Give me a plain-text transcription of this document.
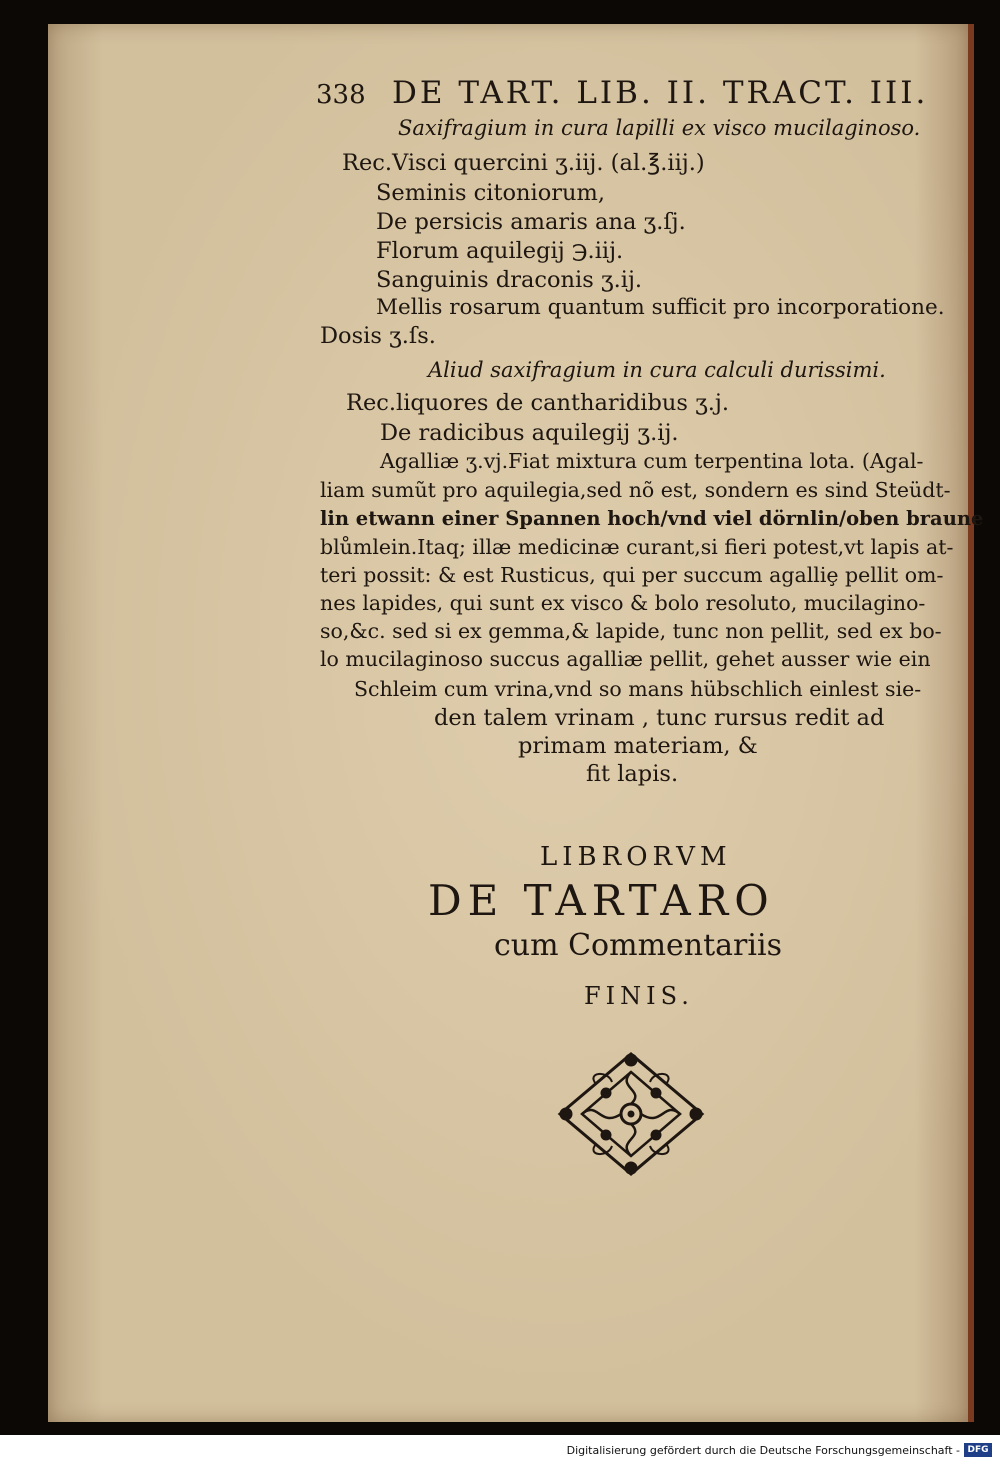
338 DE TART. LIB. II. TRACT. III.
Saxifragium in cura lapilli ex visco mucilaginoso.
Rec.Visci quercini ʒ.iij. (al.℥.iij.)
Seminis citoniorum,
De persicis amaris ana ʒ.ſj.
Florum aquilegij ℈.iij.
Sanguinis draconis ʒ.ij.
Mellis rosarum quantum sufficit pro incorporatione.
Dosis ʒ.ſs.
Aliud saxifragium in cura calculi durissimi.
Rec.liquores de cantharidibus ʒ.j.
De radicibus aquilegij ʒ.ij.
Agalliæ ʒ.vj.Fiat mixtura cum terpentina lota. (Agal-
liam sumũt pro aquilegia,sed nõ est, sondern es sind Steüdt-
lin etwann einer Spannen hoch/vnd viel dörnlin/oben braune
blůmlein.Itaq; illæ medicinæ curant,si fieri potest,vt lapis at-
teri possit: & est Rusticus, qui per succum agalliȩ pellit om-
nes lapides, qui sunt ex visco & bolo resoluto, mucilagino-
so,&c. sed si ex gemma,& lapide, tunc non pellit, sed ex bo-
lo mucilaginoso succus agalliæ pellit, gehet ausser wie ein
Schleim cum vrina,vnd so mans hübschlich einlest sie-
den talem vrinam , tunc rursus redit ad
primam materiam, &
fit lapis.
LIBRORVM
DE TARTARO
cum Commentariis
FINIS.
Digitalisierung gefördert durch die Deutsche Forschungsgemeinschaft - DFG
